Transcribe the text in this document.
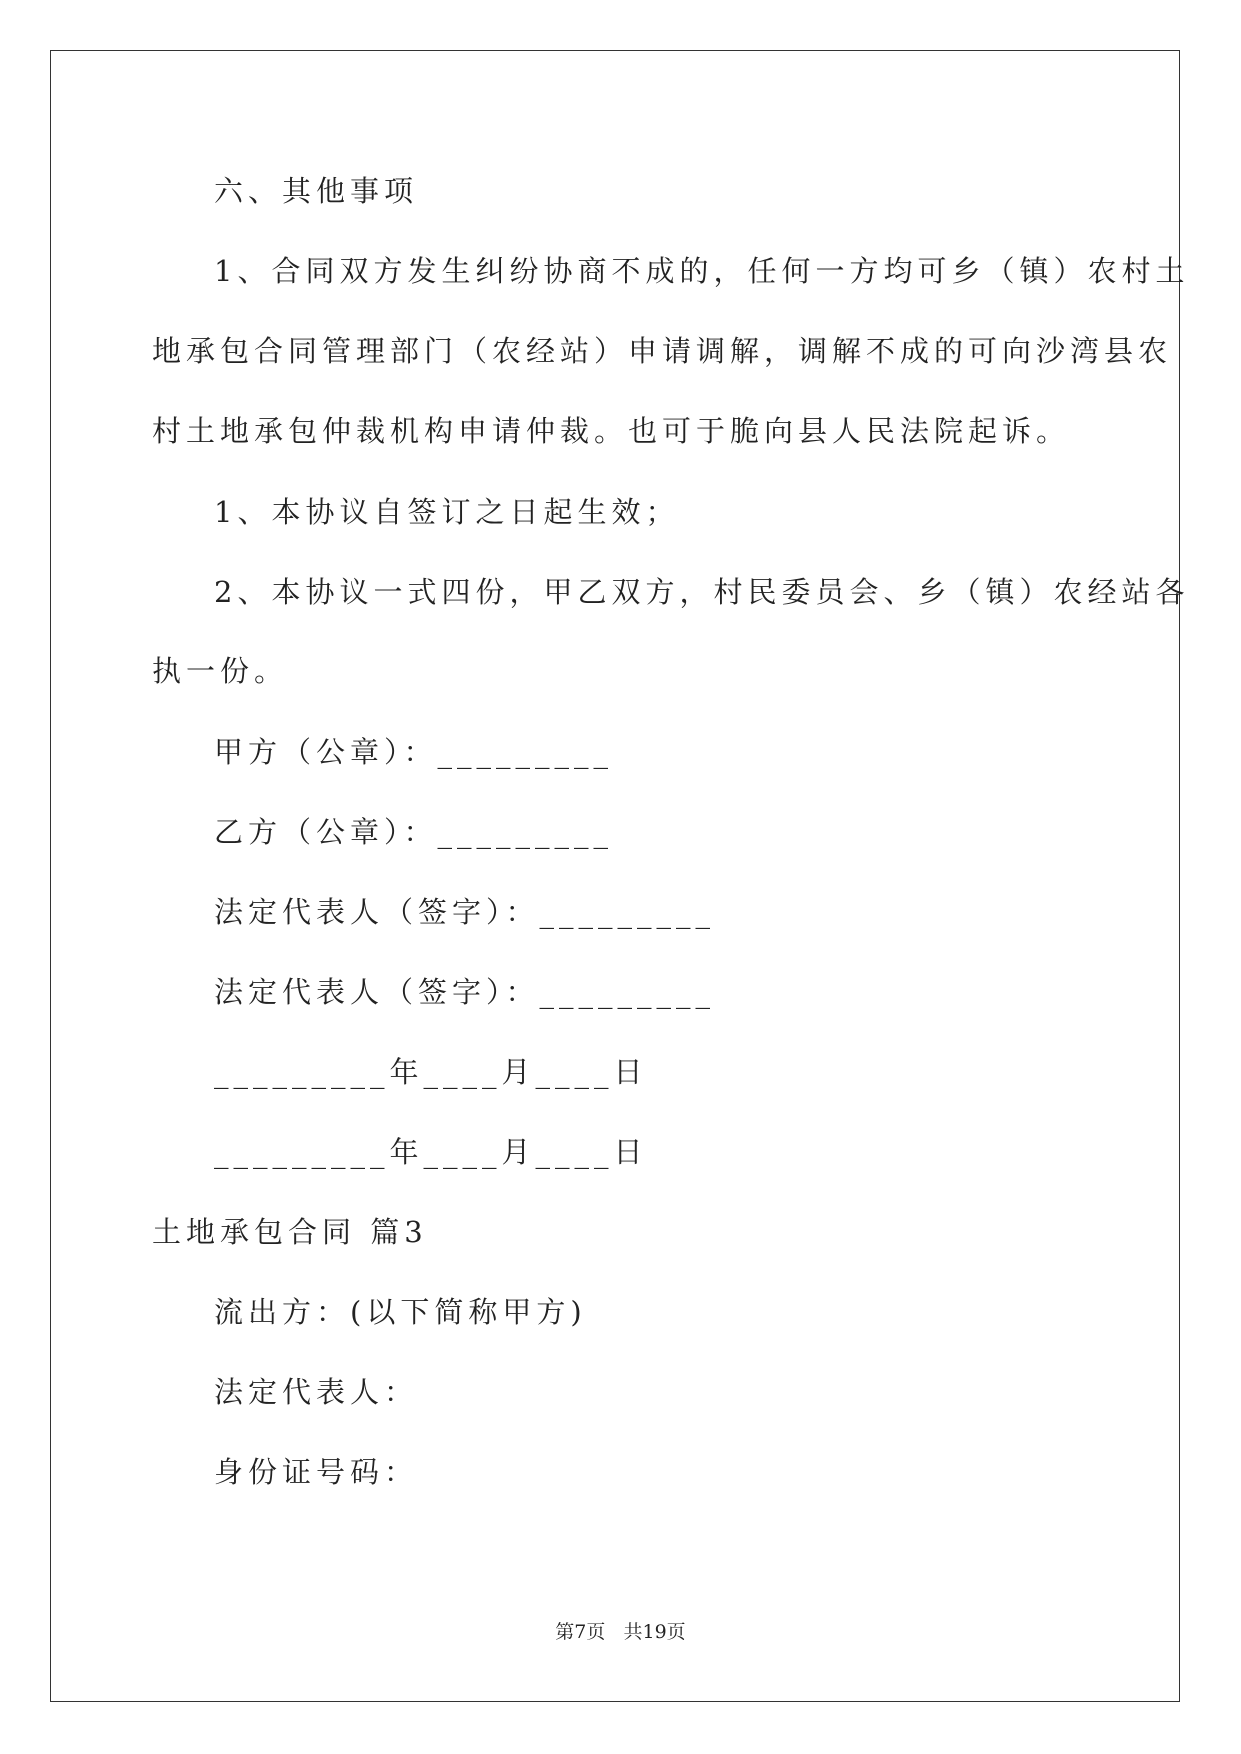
六、其他事项
1、合同双方发生纠纷协商不成的，任何一方均可乡（镇）农村土
地承包合同管理部门（农经站）申请调解，调解不成的可向沙湾县农
村土地承包仲裁机构申请仲裁。也可于脆向县人民法院起诉。
1、本协议自签订之日起生效；
2、本协议一式四份，甲乙双方，村民委员会、乡（镇）农经站各
执一份。
甲方（公章）：_________
乙方（公章）：_________
法定代表人（签字）：_________
法定代表人（签字）：_________
_________年____月____日
_________年____月____日
土地承包合同 篇3
流出方：(以下简称甲方)
法定代表人：
身份证号码：
第7页   共19页
